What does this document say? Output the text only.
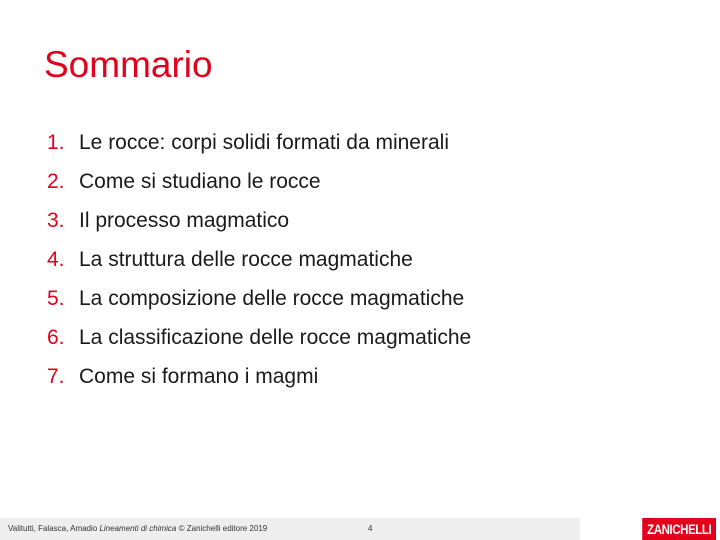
Sommario
1. Le rocce: corpi solidi formati da minerali
2. Come si studiano le rocce
3. Il processo magmatico
4. La struttura delle rocce magmatiche
5. La composizione delle rocce magmatiche
6. La classificazione delle rocce magmatiche
7. Come si formano i magmi
Valitutti, Falasca, Amadio Lineamenti di chimica © Zanichelli editore 2019	4	ZANICHELLI
